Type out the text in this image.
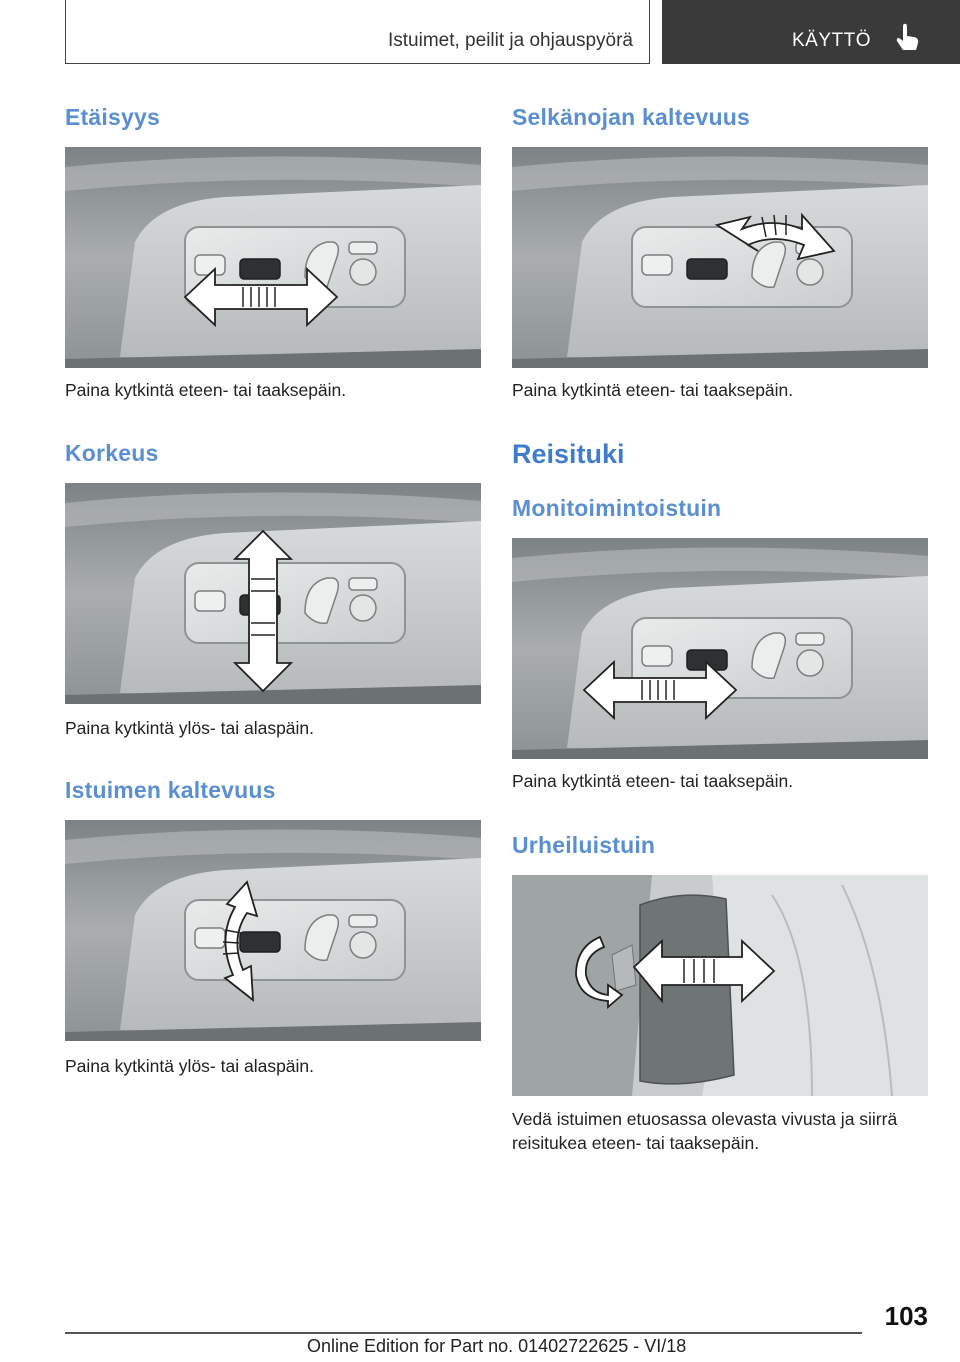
Istuimet, peilit ja ohjauspyörä	KÄYTTÖ
Etäisyys

Paina kytkintä eteen- tai taaksepäin.

Korkeus

Paina kytkintä ylös- tai alaspäin.

Istuimen kaltevuus

Paina kytkintä ylös- tai alaspäin.

Selkänojan kaltevuus

Paina kytkintä eteen- tai taaksepäin.

Reisituki
Monitoimintoistuin

Paina kytkintä eteen- tai taaksepäin.

Urheiluistuin

Vedä istuimen etuosassa olevasta vivusta ja siirrä

reisitukea eteen- tai taaksepäin.

103
Online Edition for Part no. 01402722625 - VI/18
